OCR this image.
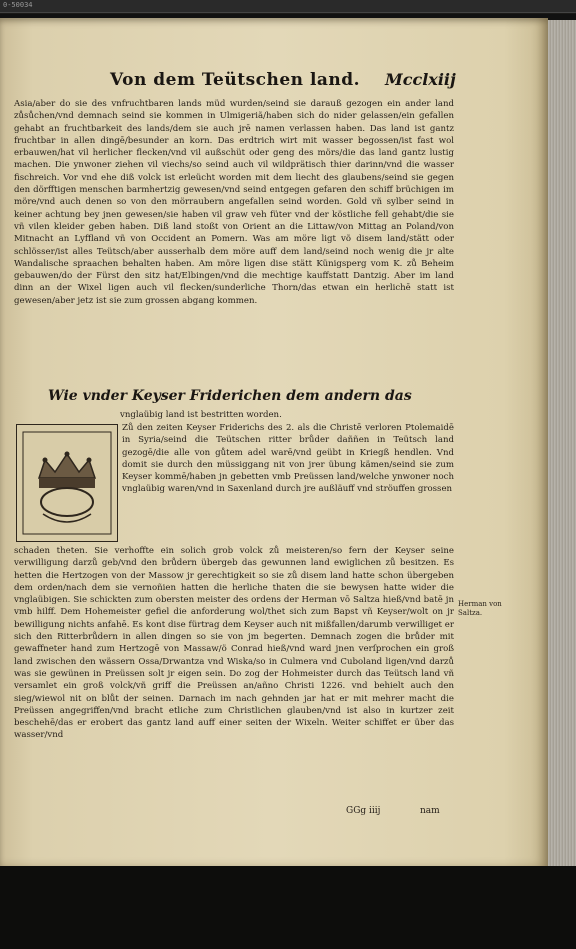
0-50034
Von dem Teütschen land.	Mcclxiij
Asia/aber do sie des vnfruchtbaren lands müd wurden/seind sie darauß gezogen ein ander land zůsůchen/vnd demnach seind sie kommen in Ulmigeriã/haben sich do nider gelassen/ein gefallen gehabt an fruchtbarkeit des lands/dem sie auch jrē namen verlassen haben. Das land ist gantz fruchtbar in allen dingē/besunder an korn. Das erdtrich wirt mit wasser begossen/ist fast wol erbauwen/hat vil herlicher flecken/vnd vil außschüt oder geng des mörs/die das land gantz lustig machen. Die ynwoner ziehen vil viechs/so seind auch vil wildprätisch thier darinn/vnd die wasser fischreich. Vor vnd ehe diß volck ist erleücht worden mit dem liecht des glaubens/seind sie gegen den dörfftigen menschen barmhertzig gewesen/vnd seind entgegen gefaren den schiff brüchigen im möre/vnd auch denen so von den mörraubern angefallen seind worden. Gold vñ sylber seind in keiner achtung bey jnen gewesen/sie haben vil graw veh füter vnd der köstliche fell gehabt/die sie vñ vilen kleider geben haben. Diß land stoßt von Orient an die Littaw/von Mittag an Poland/von Mitnacht an Lyffland vñ von Occident an Pomern. Was am möre ligt võ disem land/stätt oder schlösser/ist alles Teütsch/aber ausserhalb dem möre auff dem land/seind noch wenig die jr alte Wandalische spraachen behalten haben. Am möre ligen dise stätt Künigsperg vom K. zů Beheim gebauwen/do der Fürst den sitz hat/Elbingen/vnd die mechtige kauffstatt Dantzig. Aber im land dinn an der Wixel ligen auch vil flecken/sunderliche Thorn/das etwan ein herlichē statt ist gewesen/aber jetz ist sie zum grossen abgang kommen.
Wie vnder Keyser Friderichen dem andern das
vnglaübig land ist bestritten worden.
Zů den zeiten Keyser Friderichs des 2. als die Christē verloren Ptolemaidē in Syria/seind die Teütschen ritter brůder daññen in Teütsch land gezogē/die alle von gůtem adel warē/vnd geübt in Kriegß hendlen. Vnd domit sie durch den müssiggang nit von jrer übung kämen/seind sie zum Keyser kommē/haben jn gebetten vmb Preüssen land/welche ynwoner noch vnglaübig waren/vnd in Saxenland durch jre außläuff vnd ströuffen grossen
schaden theten. Sie verhoffte ein solich grob volck zů meisteren/so fern der Keyser seine verwilligung darzů geb/vnd den brůdern übergeb das gewunnen land ewiglichen zů besitzen. Es hetten die Hertzogen von der Massow jr gerechtigkeit so sie zů disem land hatte schon übergeben dem orden/nach dem sie vernoñien hatten die herliche thaten die sie bewysen hatte wider die vnglaübigen. Sie schickten zum obersten meister des ordens der Herman vō Saltza hieß/vnd batē jn vmb hilff. Dem Hohemeister gefiel die anforderung wol/thet sich zum Bapst vñ Keyser/wolt on jr bewilligung nichts anfahē. Es kont dise fürtrag dem Keyser auch nit mißfallen/darumb verwilliget er sich den Ritterbrůdern in allen dingen so sie von jm begerten. Demnach zogen die brůder mit gewaffneter hand zum Hertzogē von Massaw/ö Conrad hieß/vnd ward jnen verſprochen ein groß land zwischen den wässern Ossa/Drwantza vnd Wiska/so in Culmera vnd Cuboland ligen/vnd darzů was sie gewünen in Preüssen solt jr eigen sein. Do zog der Hohmeister durch das Teütsch land vñ versamlet ein groß volck/vñ griff die Preüssen an/añno Christi 1226. vnd behielt auch den sieg/wiewol nit on blůt der seinen. Darnach im nach gehnden jar hat er mit mehrer macht die Preüssen angegriffen/vnd bracht etliche zum Christlichen glauben/vnd ist also in kurtzer zeit beschehē/das er erobert das gantz land auff einer seiten der Wixeln. Weiter schiffet er über das wasser/vnd
Herman von Saltza.
GGg iiij	nam
